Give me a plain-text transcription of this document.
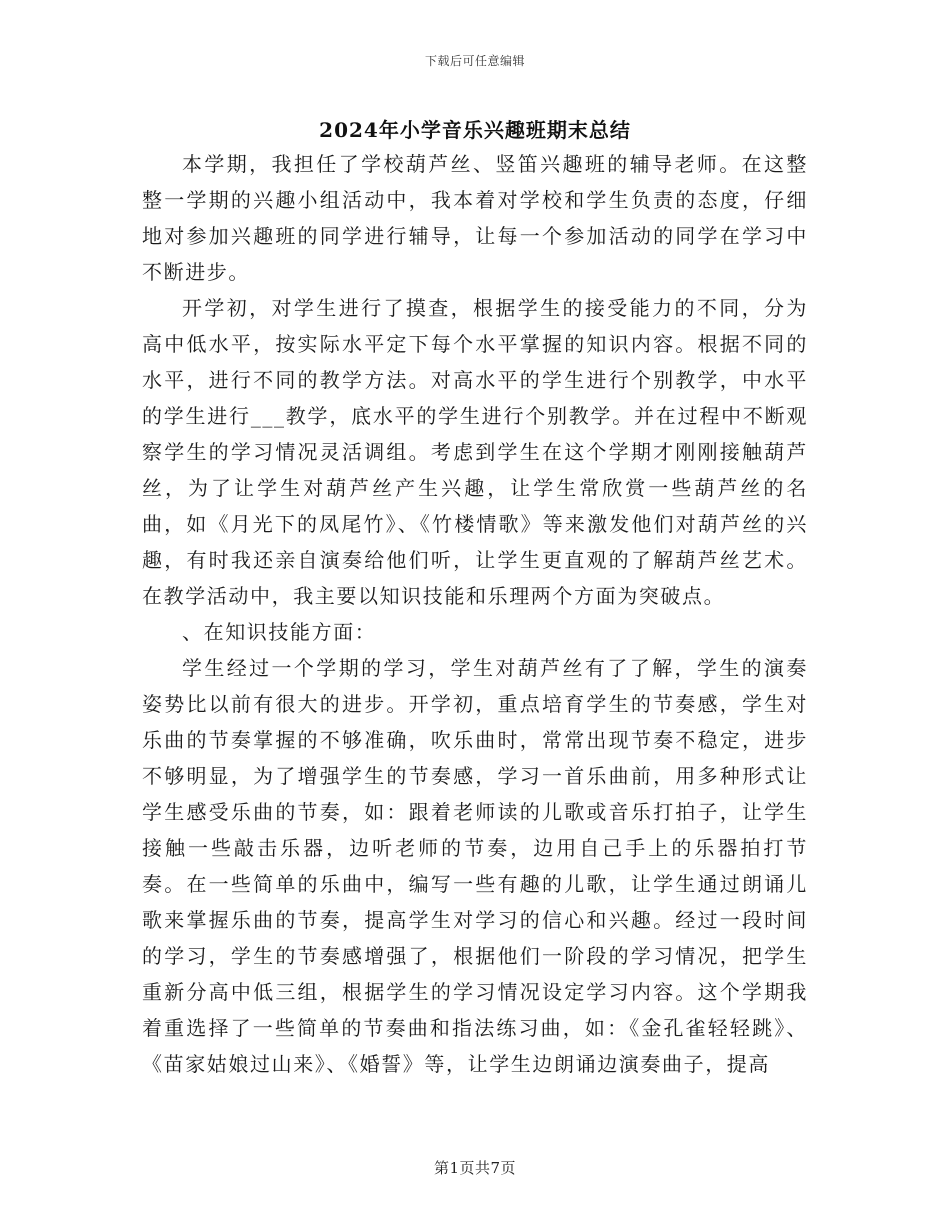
下载后可任意编辑
2024年小学音乐兴趣班期末总结

本学期，我担任了学校葫芦丝、竖笛兴趣班的辅导老师。在这整整一学期的兴趣小组活动中，我本着对学校和学生负责的态度，仔细地对参加兴趣班的同学进行辅导，让每一个参加活动的同学在学习中不断进步。

开学初，对学生进行了摸查，根据学生的接受能力的不同，分为高中低水平，按实际水平定下每个水平掌握的知识内容。根据不同的水平，进行不同的教学方法。对高水平的学生进行个别教学，中水平的学生进行___教学，底水平的学生进行个别教学。并在过程中不断观察学生的学习情况灵活调组。考虑到学生在这个学期才刚刚接触葫芦丝，为了让学生对葫芦丝产生兴趣，让学生常欣赏一些葫芦丝的名曲，如《月光下的凤尾竹》、《竹楼情歌》等来激发他们对葫芦丝的兴趣，有时我还亲自演奏给他们听，让学生更直观的了解葫芦丝艺术。在教学活动中，我主要以知识技能和乐理两个方面为突破点。

、在知识技能方面：

学生经过一个学期的学习，学生对葫芦丝有了了解，学生的演奏姿势比以前有很大的进步。开学初，重点培育学生的节奏感，学生对乐曲的节奏掌握的不够准确，吹乐曲时，常常出现节奏不稳定，进步不够明显，为了增强学生的节奏感，学习一首乐曲前，用多种形式让学生感受乐曲的节奏，如：跟着老师读的儿歌或音乐打拍子，让学生接触一些敲击乐器，边听老师的节奏，边用自己手上的乐器拍打节奏。在一些简单的乐曲中，编写一些有趣的儿歌，让学生通过朗诵儿歌来掌握乐曲的节奏，提高学生对学习的信心和兴趣。经过一段时间的学习，学生的节奏感增强了，根据他们一阶段的学习情况，把学生重新分高中低三组，根据学生的学习情况设定学习内容。这个学期我着重选择了一些简单的节奏曲和指法练习曲，如：《金孔雀轻轻跳》、《苗家姑娘过山来》、《婚誓》等，让学生边朗诵边演奏曲子，提高

第1页共7页
